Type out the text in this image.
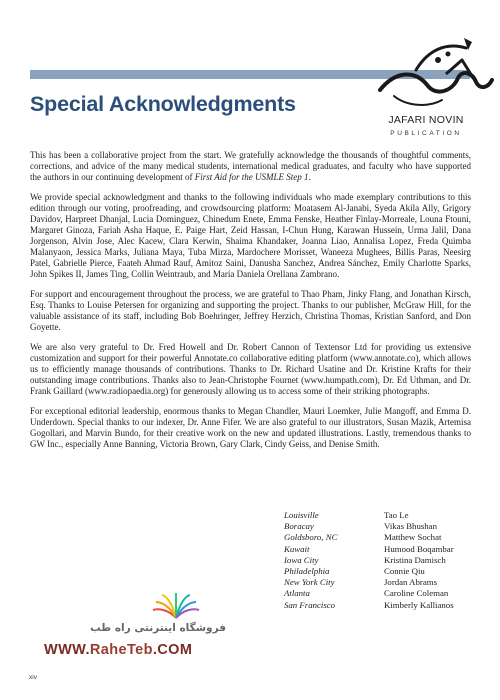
JAFARI NOVIN
PUBLICATION
Special Acknowledgments

This has been a collaborative project from the start. We gratefully acknowledge the thousands of thoughtful comments, corrections, and advice of the many medical students, international medical graduates, and faculty who have supported the authors in our continuing development of First Aid for the USMLE Step 1.

We provide special acknowledgment and thanks to the following individuals who made exemplary contributions to this edition through our voting, proofreading, and crowdsourcing platform: Moatasem Al-Janabi, Syeda Akila Ally, Grigory Davidov, Harpreet Dhanjal, Lucia Dominguez, Chinedum Enete, Emma Fenske, Heather Finlay-Morreale, Louna Ftouni, Margaret Ginoza, Fariah Asha Haque, E. Paige Hart, Zeid Hassan, I-Chun Hung, Karawan Hussein, Urma Jalil, Dana Jorgenson, Alvin Jose, Alec Kacew, Clara Kerwin, Shaima Khandaker, Joanna Liao, Annalisa Lopez, Freda Quimba Malanyaon, Jessica Marks, Juliana Maya, Tuba Mirza, Mardochere Morisset, Waneeza Mughees, Billis Paras, Neesirg Patel, Gabrielle Pierce, Faateh Ahmad Rauf, Amitoz Saini, Danusha Sanchez, Andrea Sánchez, Emily Charlotte Sparks, John Spikes II, James Ting, Collin Weintraub, and María Daniela Orellana Zambrano.

For support and encouragement throughout the process, we are grateful to Thao Pham, Jinky Flang, and Jonathan Kirsch, Esq. Thanks to Louise Petersen for organizing and supporting the project. Thanks to our publisher, McGraw Hill, for the valuable assistance of its staff, including Bob Boehringer, Jeffrey Herzich, Christina Thomas, Kristian Sanford, and Don Goyette.

We are also very grateful to Dr. Fred Howell and Dr. Robert Cannon of Textensor Ltd for providing us extensive customization and support for their powerful Annotate.co collaborative editing platform (www.annotate.co), which allows us to efficiently manage thousands of contributions. Thanks to Dr. Richard Usatine and Dr. Kristine Krafts for their outstanding image contributions. Thanks also to Jean-Christophe Fournet (www.humpath.com), Dr. Ed Uthman, and Dr. Frank Gaillard (www.radiopaedia.org) for generously allowing us to access some of their striking photographs.

For exceptional editorial leadership, enormous thanks to Megan Chandler, Mauri Loemker, Julie Mangoff, and Emma D. Underdown. Special thanks to our indexer, Dr. Anne Fifer. We are also grateful to our illustrators, Susan Mazik, Artemisa Gogollari, and Marvin Bundo, for their creative work on the new and updated illustrations. Lastly, tremendous thanks to GW Inc., especially Anne Banning, Victoria Brown, Gary Clark, Cindy Geiss, and Denise Smith.

Louisville	Tao Le
Boracay	Vikas Bhushan
Goldsboro, NC	Matthew Sochat
Kuwait	Humood Boqambar
Iowa City	Kristina Damisch
Philadelphia	Connie Qiu
New York City	Jordan Abrams
Atlanta	Caroline Coleman
San Francisco	Kimberly Kallianos
فروشگاه اینترنتی راه طب
WWW.RaheTeb.COM
xiv
